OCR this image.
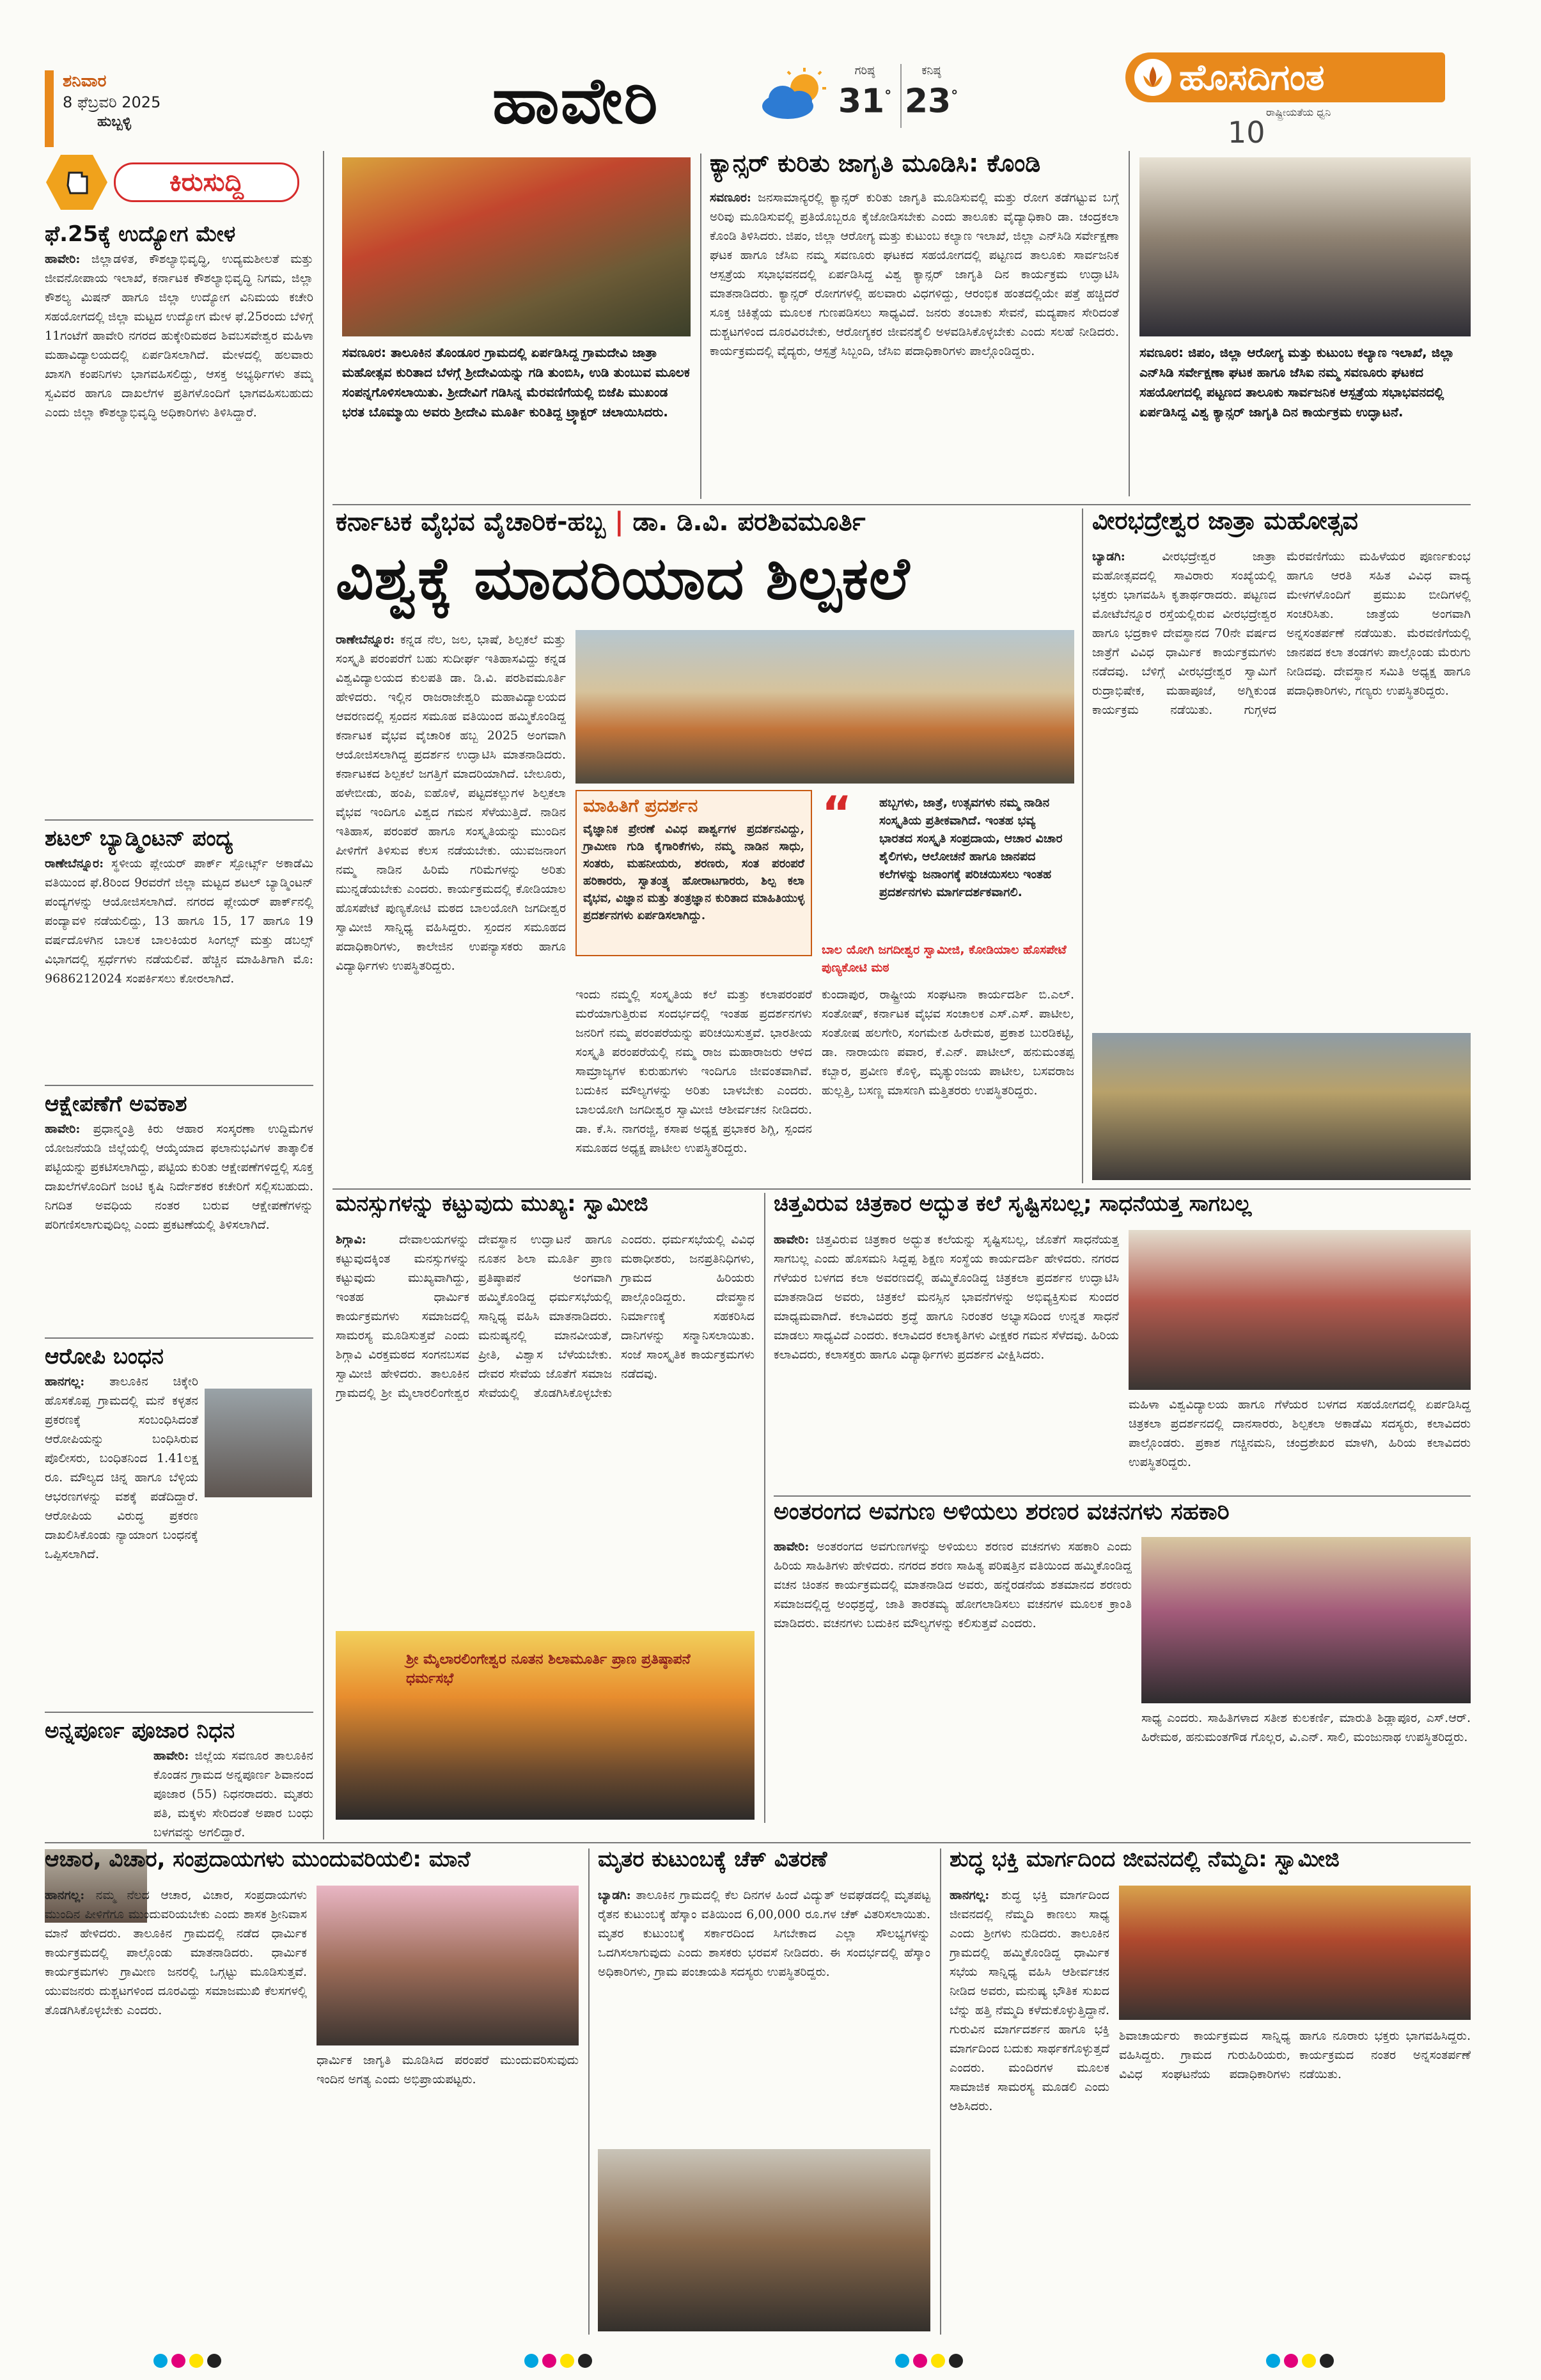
ಶನಿವಾರ
8 ಫೆಬ್ರವರಿ 2025
ಹುಬ್ಬಳ್ಳಿ	ಹಾವೇರಿ	ಗರಿಷ್ಠ
31°
ಕನಿಷ್ಠ
23°	ಹೊಸದಿಗಂತ
ರಾಷ್ಟ್ರೀಯತೆಯ ಧ್ವನಿ
10
ಕಿರುಸುದ್ದಿ
ಫೆ.25ಕ್ಕೆ ಉದ್ಯೋಗ ಮೇಳ
ಹಾವೇರಿ: ಜಿಲ್ಲಾಡಳಿತ, ಕೌಶಲ್ಯಾಭಿವೃದ್ಧಿ, ಉದ್ಯಮಶೀಲತೆ ಮತ್ತು ಜೀವನೋಪಾಯ ಇಲಾಖೆ, ಕರ್ನಾಟಕ ಕೌಶಲ್ಯಾಭಿವೃದ್ಧಿ ನಿಗಮ, ಜಿಲ್ಲಾ ಕೌಶಲ್ಯ ಮಿಷನ್ ಹಾಗೂ ಜಿಲ್ಲಾ ಉದ್ಯೋಗ ವಿನಿಮಯ ಕಚೇರಿ ಸಹಯೋಗದಲ್ಲಿ ಜಿಲ್ಲಾ ಮಟ್ಟದ ಉದ್ಯೋಗ ಮೇಳ ಫೆ.25ರಂದು ಬೆಳಿಗ್ಗೆ 11ಗಂಟೆಗೆ ಹಾವೇರಿ ನಗರದ ಹುಕ್ಕೇರಿಮಠದ ಶಿವಬಸವೇಶ್ವರ ಮಹಿಳಾ ಮಹಾವಿದ್ಯಾಲಯದಲ್ಲಿ ಏರ್ಪಡಿಸಲಾಗಿದೆ. ಮೇಳದಲ್ಲಿ ಹಲವಾರು ಖಾಸಗಿ ಕಂಪನಿಗಳು ಭಾಗವಹಿಸಲಿದ್ದು, ಆಸಕ್ತ ಅಭ್ಯರ್ಥಿಗಳು ತಮ್ಮ ಸ್ವವಿವರ ಹಾಗೂ ದಾಖಲೆಗಳ ಪ್ರತಿಗಳೊಂದಿಗೆ ಭಾಗವಹಿಸಬಹುದು ಎಂದು ಜಿಲ್ಲಾ ಕೌಶಲ್ಯಾಭಿವೃದ್ಧಿ ಅಧಿಕಾರಿಗಳು ತಿಳಿಸಿದ್ದಾರೆ.
ಶಟಲ್ ಬ್ಯಾಡ್ಮಿಂಟನ್ ಪಂದ್ಯ
ರಾಣೇಬೆನ್ನೂರ: ಸ್ಥಳೀಯ ಪ್ಲೇಯರ್ ಪಾರ್ಕ್ ಸ್ಪೋರ್ಟ್ಸ್ ಅಕಾಡೆಮಿ ವತಿಯಿಂದ ಫೆ.8ರಿಂದ 9ರವರೆಗೆ ಜಿಲ್ಲಾ ಮಟ್ಟದ ಶಟಲ್ ಬ್ಯಾಡ್ಮಿಂಟನ್ ಪಂದ್ಯಗಳನ್ನು ಆಯೋಜಿಸಲಾಗಿದೆ. ನಗರದ ಪ್ಲೇಯರ್ ಪಾರ್ಕ್‌ನಲ್ಲಿ ಪಂದ್ಯಾವಳಿ ನಡೆಯಲಿದ್ದು, 13 ಹಾಗೂ 15, 17 ಹಾಗೂ 19 ವರ್ಷದೊಳಗಿನ ಬಾಲಕ ಬಾಲಕಿಯರ ಸಿಂಗಲ್ಸ್ ಮತ್ತು ಡಬಲ್ಸ್ ವಿಭಾಗದಲ್ಲಿ ಸ್ಪರ್ಧೆಗಳು ನಡೆಯಲಿವೆ. ಹೆಚ್ಚಿನ ಮಾಹಿತಿಗಾಗಿ ಮೊ: 9686212024 ಸಂಪರ್ಕಿಸಲು ಕೋರಲಾಗಿದೆ.
ಆಕ್ಷೇಪಣೆಗೆ ಅವಕಾಶ
ಹಾವೇರಿ: ಪ್ರಧಾನ್ಮಂತ್ರಿ ಕಿರು ಆಹಾರ ಸಂಸ್ಕರಣಾ ಉದ್ದಿಮೆಗಳ ಯೋಜನೆಯಡಿ ಜಿಲ್ಲೆಯಲ್ಲಿ ಆಯ್ಕೆಯಾದ ಫಲಾನುಭವಿಗಳ ತಾತ್ಕಾಲಿಕ ಪಟ್ಟಿಯನ್ನು ಪ್ರಕಟಿಸಲಾಗಿದ್ದು, ಪಟ್ಟಿಯ ಕುರಿತು ಆಕ್ಷೇಪಣೆಗಳಿದ್ದಲ್ಲಿ ಸೂಕ್ತ ದಾಖಲೆಗಳೊಂದಿಗೆ ಜಂಟಿ ಕೃಷಿ ನಿರ್ದೇಶಕರ ಕಚೇರಿಗೆ ಸಲ್ಲಿಸಬಹುದು. ನಿಗದಿತ ಅವಧಿಯ ನಂತರ ಬರುವ ಆಕ್ಷೇಪಣೆಗಳನ್ನು ಪರಿಗಣಿಸಲಾಗುವುದಿಲ್ಲ ಎಂದು ಪ್ರಕಟಣೆಯಲ್ಲಿ ತಿಳಿಸಲಾಗಿದೆ.
ಆರೋಪಿ ಬಂಧನ
ಹಾನಗಲ್ಲ: ತಾಲೂಕಿನ ಚಿಕ್ಕೇರಿ ಹೊಸಕೊಪ್ಪ ಗ್ರಾಮದಲ್ಲಿ ಮನೆ ಕಳ್ಳತನ ಪ್ರಕರಣಕ್ಕೆ ಸಂಬಂಧಿಸಿದಂತೆ ಆರೋಪಿಯನ್ನು ಬಂಧಿಸಿರುವ ಪೊಲೀಸರು, ಬಂಧಿತನಿಂದ 1.41ಲಕ್ಷ ರೂ. ಮೌಲ್ಯದ ಚಿನ್ನ ಹಾಗೂ ಬೆಳ್ಳಿಯ ಆಭರಣಗಳನ್ನು ವಶಕ್ಕೆ ಪಡೆದಿದ್ದಾರೆ. ಆರೋಪಿಯ ವಿರುದ್ಧ ಪ್ರಕರಣ ದಾಖಲಿಸಿಕೊಂಡು ನ್ಯಾಯಾಂಗ ಬಂಧನಕ್ಕೆ ಒಪ್ಪಿಸಲಾಗಿದೆ.
ಅನ್ನಪೂರ್ಣ ಪೂಜಾರ ನಿಧನ
ಹಾವೇರಿ: ಜಿಲ್ಲೆಯ ಸವಣೂರ ತಾಲೂಕಿನ ಕೊಂಡನ ಗ್ರಾಮದ ಅನ್ನಪೂರ್ಣ ಶಿವಾನಂದ ಪೂಜಾರ (55) ನಿಧನರಾದರು. ಮೃತರು ಪತಿ, ಮಕ್ಕಳು ಸೇರಿದಂತೆ ಅಪಾರ ಬಂಧು ಬಳಗವನ್ನು ಅಗಲಿದ್ದಾರೆ.
ಸವಣೂರ: ತಾಲೂಕಿನ ತೊಂಡೂರ ಗ್ರಾಮದಲ್ಲಿ ಏರ್ಪಡಿಸಿದ್ದ ಗ್ರಾಮದೇವಿ ಜಾತ್ರಾ ಮಹೋತ್ಸವ ಕುರಿತಾದ ಬೆಳಗ್ಗೆ ಶ್ರೀದೇವಿಯನ್ನು ಗಡಿ ತುಂಬಿಸಿ, ಉಡಿ ತುಂಬುವ ಮೂಲಕ ಸಂಪನ್ನಗೊಳಿಸಲಾಯಿತು. ಶ್ರೀದೇವಿಗೆ ಗಡಿಸಿನ್ನ ಮೆರವಣಿಗೆಯಲ್ಲಿ ಬಿಜೆಪಿ ಮುಖಂಡ ಭರತ ಬೊಮ್ಮಾಯಿ ಅವರು ಶ್ರೀದೇವಿ ಮೂರ್ತಿ ಕುರಿತಿದ್ದ ಟ್ರ್ಯಾಕ್ಟರ್ ಚಲಾಯಿಸಿದರು.
ಕ್ಯಾನ್ಸರ್ ಕುರಿತು ಜಾಗೃತಿ ಮೂಡಿಸಿ: ಕೊಂಡಿ
ಸವಣೂರ: ಜನಸಾಮಾನ್ಯರಲ್ಲಿ ಕ್ಯಾನ್ಸರ್ ಕುರಿತು ಜಾಗೃತಿ ಮೂಡಿಸುವಲ್ಲಿ ಮತ್ತು ರೋಗ ತಡೆಗಟ್ಟುವ ಬಗ್ಗೆ ಅರಿವು ಮೂಡಿಸುವಲ್ಲಿ ಪ್ರತಿಯೊಬ್ಬರೂ ಕೈಜೋಡಿಸಬೇಕು ಎಂದು ತಾಲೂಕು ವೈದ್ಯಾಧಿಕಾರಿ ಡಾ. ಚಂದ್ರಕಲಾ ಕೊಂಡಿ ತಿಳಿಸಿದರು. ಜಿಪಂ, ಜಿಲ್ಲಾ ಆರೋಗ್ಯ ಮತ್ತು ಕುಟುಂಬ ಕಲ್ಯಾಣ ಇಲಾಖೆ, ಜಿಲ್ಲಾ ಎನ್‌ಸಿಡಿ ಸರ್ವೇಕ್ಷಣಾ ಘಟಕ ಹಾಗೂ ಜೆಸಿಐ ನಮ್ಮ ಸವಣೂರು ಘಟಕದ ಸಹಯೋಗದಲ್ಲಿ ಪಟ್ಟಣದ ತಾಲೂಕು ಸಾರ್ವಜನಿಕ ಆಸ್ಪತ್ರೆಯ ಸಭಾಭವನದಲ್ಲಿ ಏರ್ಪಡಿಸಿದ್ದ ವಿಶ್ವ ಕ್ಯಾನ್ಸರ್ ಜಾಗೃತಿ ದಿನ ಕಾರ್ಯಕ್ರಮ ಉದ್ಘಾಟಿಸಿ ಮಾತನಾಡಿದರು. ಕ್ಯಾನ್ಸರ್ ರೋಗಗಳಲ್ಲಿ ಹಲವಾರು ವಿಧಗಳಿದ್ದು, ಆರಂಭಿಕ ಹಂತದಲ್ಲಿಯೇ ಪತ್ತೆ ಹಚ್ಚಿದರೆ ಸೂಕ್ತ ಚಿಕಿತ್ಸೆಯ ಮೂಲಕ ಗುಣಪಡಿಸಲು ಸಾಧ್ಯವಿದೆ. ಜನರು ತಂಬಾಕು ಸೇವನೆ, ಮದ್ಯಪಾನ ಸೇರಿದಂತೆ ದುಶ್ಚಟಗಳಿಂದ ದೂರವಿರಬೇಕು, ಆರೋಗ್ಯಕರ ಜೀವನಶೈಲಿ ಅಳವಡಿಸಿಕೊಳ್ಳಬೇಕು ಎಂದು ಸಲಹೆ ನೀಡಿದರು. ಕಾರ್ಯಕ್ರಮದಲ್ಲಿ ವೈದ್ಯರು, ಆಸ್ಪತ್ರೆ ಸಿಬ್ಬಂದಿ, ಜೆಸಿಐ ಪದಾಧಿಕಾರಿಗಳು ಪಾಲ್ಗೊಂಡಿದ್ದರು.	ಸವಣೂರ: ಜಿಪಂ, ಜಿಲ್ಲಾ ಆರೋಗ್ಯ ಮತ್ತು ಕುಟುಂಬ ಕಲ್ಯಾಣ ಇಲಾಖೆ, ಜಿಲ್ಲಾ ಎನ್‌ಸಿಡಿ ಸರ್ವೇಕ್ಷಣಾ ಘಟಕ ಹಾಗೂ ಜೆಸಿಐ ನಮ್ಮ ಸವಣೂರು ಘಟಕದ ಸಹಯೋಗದಲ್ಲಿ ಪಟ್ಟಣದ ತಾಲೂಕು ಸಾರ್ವಜನಿಕ ಆಸ್ಪತ್ರೆಯ ಸಭಾಭವನದಲ್ಲಿ ಏರ್ಪಡಿಸಿದ್ದ ವಿಶ್ವ ಕ್ಯಾನ್ಸರ್ ಜಾಗೃತಿ ದಿನ ಕಾರ್ಯಕ್ರಮ ಉದ್ಘಾಟನೆ.
ಕರ್ನಾಟಕ ವೈಭವ ವೈಚಾರಿಕ-ಹಬ್ಬ | ಡಾ. ಡಿ.ವಿ. ಪರಶಿವಮೂರ್ತಿ
ವಿಶ್ವಕ್ಕೆ ಮಾದರಿಯಾದ ಶಿಲ್ಪಕಲೆ
ರಾಣೇಬೆನ್ನೂರ: ಕನ್ನಡ ನೆಲ, ಜಲ, ಭಾಷೆ, ಶಿಲ್ಪಕಲೆ ಮತ್ತು ಸಂಸ್ಕೃತಿ ಪರಂಪರೆಗೆ ಬಹು ಸುದೀರ್ಘ ಇತಿಹಾಸವಿದ್ದು ಕನ್ನಡ ವಿಶ್ವವಿದ್ಯಾಲಯದ ಕುಲಪತಿ ಡಾ. ಡಿ.ವಿ. ಪರಶಿವಮೂರ್ತಿ ಹೇಳಿದರು. ಇಲ್ಲಿನ ರಾಜರಾಜೇಶ್ವರಿ ಮಹಾವಿದ್ಯಾಲಯದ ಆವರಣದಲ್ಲಿ ಸ್ಪಂದನ ಸಮೂಹ ವತಿಯಿಂದ ಹಮ್ಮಿಕೊಂಡಿದ್ದ ಕರ್ನಾಟಕ ವೈಭವ ವೈಚಾರಿಕ ಹಬ್ಬ 2025 ಅಂಗವಾಗಿ ಆಯೋಜಿಸಲಾಗಿದ್ದ ಪ್ರದರ್ಶನ ಉದ್ಘಾಟಿಸಿ ಮಾತನಾಡಿದರು. ಕರ್ನಾಟಕದ ಶಿಲ್ಪಕಲೆ ಜಗತ್ತಿಗೆ ಮಾದರಿಯಾಗಿದೆ. ಬೇಲೂರು, ಹಳೇಬೀಡು, ಹಂಪಿ, ಐಹೊಳೆ, ಪಟ್ಟದಕಲ್ಲುಗಳ ಶಿಲ್ಪಕಲಾ ವೈಭವ ಇಂದಿಗೂ ವಿಶ್ವದ ಗಮನ ಸೆಳೆಯುತ್ತಿದೆ. ನಾಡಿನ ಇತಿಹಾಸ, ಪರಂಪರೆ ಹಾಗೂ ಸಂಸ್ಕೃತಿಯನ್ನು ಮುಂದಿನ ಪೀಳಿಗೆಗೆ ತಿಳಿಸುವ ಕೆಲಸ ನಡೆಯಬೇಕು. ಯುವಜನಾಂಗ ನಮ್ಮ ನಾಡಿನ ಹಿರಿಮೆ ಗರಿಮೆಗಳನ್ನು ಅರಿತು ಮುನ್ನಡೆಯಬೇಕು ಎಂದರು. ಕಾರ್ಯಕ್ರಮದಲ್ಲಿ ಕೋಡಿಯಾಲ ಹೊಸಪೇಟೆ ಪುಣ್ಯಕೋಟಿ ಮಠದ ಬಾಲಯೋಗಿ ಜಗದೀಶ್ವರ ಸ್ವಾಮೀಜಿ ಸಾನ್ನಿಧ್ಯ ವಹಿಸಿದ್ದರು. ಸ್ಪಂದನ ಸಮೂಹದ ಪದಾಧಿಕಾರಿಗಳು, ಕಾಲೇಜಿನ ಉಪನ್ಯಾಸಕರು ಹಾಗೂ ವಿದ್ಯಾರ್ಥಿಗಳು ಉಪಸ್ಥಿತರಿದ್ದರು.
ಮಾಹಿತಿಗೆ ಪ್ರದರ್ಶನ
ವೈಜ್ಞಾನಿಕ ಪ್ರೇರಣೆ ವಿವಿಧ ಪಾರ್ಶ್ವಗಳ ಪ್ರದರ್ಶನವಿದ್ದು, ಗ್ರಾಮೀಣ ಗುಡಿ ಕೈಗಾರಿಕೆಗಳು, ನಮ್ಮ ನಾಡಿನ ಸಾಧು, ಸಂತರು, ಮಹನೀಯರು, ಶರಣರು, ಸಂತ ಪರಂಪರೆ ಹರಿಕಾರರು, ಸ್ವಾತಂತ್ರ್ಯ ಹೋರಾಟಗಾರರು, ಶಿಲ್ಪ ಕಲಾ ವೈಭವ, ವಿಜ್ಞಾನ ಮತ್ತು ತಂತ್ರಜ್ಞಾನ ಕುರಿತಾದ ಮಾಹಿತಿಯುಳ್ಳ ಪ್ರದರ್ಶನಗಳು ಏರ್ಪಡಿಸಲಾಗಿದ್ದು.
“ ಹಬ್ಬಗಳು, ಜಾತ್ರೆ, ಉತ್ಸವಗಳು ನಮ್ಮ ನಾಡಿನ ಸಂಸ್ಕೃತಿಯ ಪ್ರತೀಕವಾಗಿದೆ. ಇಂತಹ ಭವ್ಯ ಭಾರತದ ಸಂಸ್ಕೃತಿ ಸಂಪ್ರದಾಯ, ಆಚಾರ ವಿಚಾರ ಶೈಲಿಗಳು, ಆಲೋಚನೆ ಹಾಗೂ ಜಾನಪದ ಕಲೆಗಳನ್ನು ಜನಾಂಗಕ್ಕೆ ಪರಿಚಯಿಸಲು ಇಂತಹ ಪ್ರದರ್ಶನಗಳು ಮಾರ್ಗದರ್ಶಕವಾಗಲಿ.
ಬಾಲ ಯೋಗಿ ಜಗದೀಶ್ವರ ಸ್ವಾಮೀಜಿ, ಕೋಡಿಯಾಲ ಹೊಸಪೇಟೆ ಪುಣ್ಯಕೋಟಿ ಮಠ
ಇಂದು ನಮ್ಮಲ್ಲಿ ಸಂಸ್ಕೃತಿಯ ಕಲೆ ಮತ್ತು ಕಲಾಪರಂಪರೆ ಮರೆಯಾಗುತ್ತಿರುವ ಸಂದರ್ಭದಲ್ಲಿ ಇಂತಹ ಪ್ರದರ್ಶನಗಳು ಜನರಿಗೆ ನಮ್ಮ ಪರಂಪರೆಯನ್ನು ಪರಿಚಯಿಸುತ್ತವೆ. ಭಾರತೀಯ ಸಂಸ್ಕೃತಿ ಪರಂಪರೆಯಲ್ಲಿ ನಮ್ಮ ರಾಜ ಮಹಾರಾಜರು ಆಳಿದ ಸಾಮ್ರಾಜ್ಯಗಳ ಕುರುಹುಗಳು ಇಂದಿಗೂ ಜೀವಂತವಾಗಿವೆ. ಬದುಕಿನ ಮೌಲ್ಯಗಳನ್ನು ಅರಿತು ಬಾಳಬೇಕು ಎಂದರು. ಬಾಲಯೋಗಿ ಜಗದೀಶ್ವರ ಸ್ವಾಮೀಜಿ ಆಶೀರ್ವಚನ ನೀಡಿದರು. ಡಾ. ಕೆ.ಸಿ. ನಾಗರಜ್ಜಿ, ಕಸಾಪ ಅಧ್ಯಕ್ಷ ಪ್ರಭಾಕರ ಶಿಗ್ಲಿ, ಸ್ಪಂದನ ಸಮೂಹದ ಅಧ್ಯಕ್ಷ ಪಾಟೀಲ ಉಪಸ್ಥಿತರಿದ್ದರು.
ಕುಂದಾಪುರ, ರಾಷ್ಟ್ರೀಯ ಸಂಘಟನಾ ಕಾರ್ಯದರ್ಶಿ ಬಿ.ಎಲ್. ಸಂತೋಷ್, ಕರ್ನಾಟಕ ವೈಭವ ಸಂಚಾಲಕ ಎಸ್.ಎಸ್. ಪಾಟೀಲ, ಸಂತೋಷ ಹಲಗೇರಿ, ಸಂಗಮೇಶ ಹಿರೇಮಠ, ಪ್ರಕಾಶ ಬುರಡಿಕಟ್ಟಿ, ಡಾ. ನಾರಾಯಣ ಪವಾರ, ಕೆ.ಎನ್. ಪಾಟೀಲ್, ಹನುಮಂತಪ್ಪ ಕಬ್ಬಾರ, ಪ್ರವೀಣ ಕೊಳ್ಳಿ, ಮೃತ್ಯುಂಜಯ ಪಾಟೀಲ, ಬಸವರಾಜ ಹುಲ್ಲತ್ತಿ, ಬಸಣ್ಣ ಮಾಸಣಗಿ ಮತ್ತಿತರರು ಉಪಸ್ಥಿತರಿದ್ದರು.
ವೀರಭದ್ರೇಶ್ವರ ಜಾತ್ರಾ ಮಹೋತ್ಸವ
ಬ್ಯಾಡಗಿ:	ವೀರಭದ್ರೇಶ್ವರ ಜಾತ್ರಾ ಮಹೋತ್ಸವದಲ್ಲಿ ಸಾವಿರಾರು ಸಂಖ್ಯೆಯಲ್ಲಿ ಭಕ್ತರು ಭಾಗವಹಿಸಿ ಕೃತಾರ್ಥರಾದರು. ಪಟ್ಟಣದ ಮೋಟೆಬೆನ್ನೂರ ರಸ್ತೆಯಲ್ಲಿರುವ ವೀರಭದ್ರೇಶ್ವರ ಹಾಗೂ ಭದ್ರಕಾಳಿ ದೇವಸ್ಥಾನದ 70ನೇ ವರ್ಷದ ಜಾತ್ರೆಗೆ ವಿವಿಧ ಧಾರ್ಮಿಕ ಕಾರ್ಯಕ್ರಮಗಳು ನಡೆದವು. ಬೆಳಿಗ್ಗೆ ವೀರಭದ್ರೇಶ್ವರ ಸ್ವಾಮಿಗೆ ರುದ್ರಾಭಿಷೇಕ, ಮಹಾಪೂಜೆ, ಅಗ್ನಿಕುಂಡ ಕಾರ್ಯಕ್ರಮ ನಡೆಯಿತು. ಗುಗ್ಗಳದ ಮೆರವಣಿಗೆಯು ಮಹಿಳೆಯರ ಪೂರ್ಣಕುಂಭ ಹಾಗೂ ಆರತಿ ಸಹಿತ ವಿವಿಧ ವಾದ್ಯ ಮೇಳಗಳೊಂದಿಗೆ ಪ್ರಮುಖ ಬೀದಿಗಳಲ್ಲಿ ಸಂಚರಿಸಿತು. ಜಾತ್ರೆಯ ಅಂಗವಾಗಿ ಅನ್ನಸಂತರ್ಪಣೆ ನಡೆಯಿತು. ಮೆರವಣಿಗೆಯಲ್ಲಿ ಜಾನಪದ ಕಲಾ ತಂಡಗಳು ಪಾಲ್ಗೊಂಡು ಮೆರುಗು ನೀಡಿದವು. ದೇವಸ್ಥಾನ ಸಮಿತಿ ಅಧ್ಯಕ್ಷ ಹಾಗೂ ಪದಾಧಿಕಾರಿಗಳು, ಗಣ್ಯರು ಉಪಸ್ಥಿತರಿದ್ದರು.
ಮನಸ್ಸುಗಳನ್ನು ಕಟ್ಟುವುದು ಮುಖ್ಯ: ಸ್ವಾಮೀಜಿ
ಶಿಗ್ಗಾವಿ:	ದೇವಾಲಯಗಳನ್ನು ಕಟ್ಟುವುದಕ್ಕಿಂತ ಮನಸ್ಸುಗಳನ್ನು ಕಟ್ಟುವುದು ಮುಖ್ಯವಾಗಿದ್ದು, ಇಂತಹ ಧಾರ್ಮಿಕ ಕಾರ್ಯಕ್ರಮಗಳು ಸಮಾಜದಲ್ಲಿ ಸಾಮರಸ್ಯ ಮೂಡಿಸುತ್ತವೆ ಎಂದು ಶಿಗ್ಗಾವಿ ವಿರಕ್ತಮಠದ ಸಂಗನಬಸವ ಸ್ವಾಮೀಜಿ ಹೇಳಿದರು. ತಾಲೂಕಿನ ಗ್ರಾಮದಲ್ಲಿ ಶ್ರೀ ಮೈಲಾರಲಿಂಗೇಶ್ವರ ದೇವಸ್ಥಾನ ಉದ್ಘಾಟನೆ ಹಾಗೂ ನೂತನ ಶಿಲಾ ಮೂರ್ತಿ ಪ್ರಾಣ ಪ್ರತಿಷ್ಠಾಪನೆ ಅಂಗವಾಗಿ ಹಮ್ಮಿಕೊಂಡಿದ್ದ ಧರ್ಮಸಭೆಯಲ್ಲಿ ಸಾನ್ನಿಧ್ಯ ವಹಿಸಿ ಮಾತನಾಡಿದರು. ಮನುಷ್ಯನಲ್ಲಿ ಮಾನವೀಯತೆ, ಪ್ರೀತಿ, ವಿಶ್ವಾಸ ಬೆಳೆಯಬೇಕು. ದೇವರ ಸೇವೆಯ ಜೊತೆಗೆ ಸಮಾಜ ಸೇವೆಯಲ್ಲಿ ತೊಡಗಿಸಿಕೊಳ್ಳಬೇಕು ಎಂದರು. ಧರ್ಮಸಭೆಯಲ್ಲಿ ವಿವಿಧ ಮಠಾಧೀಶರು, ಜನಪ್ರತಿನಿಧಿಗಳು, ಗ್ರಾಮದ ಹಿರಿಯರು ಪಾಲ್ಗೊಂಡಿದ್ದರು. ದೇವಸ್ಥಾನ ನಿರ್ಮಾಣಕ್ಕೆ ಸಹಕರಿಸಿದ ದಾನಿಗಳನ್ನು ಸನ್ಮಾನಿಸಲಾಯಿತು. ಸಂಜೆ ಸಾಂಸ್ಕೃತಿಕ ಕಾರ್ಯಕ್ರಮಗಳು ನಡೆದವು.
ಶ್ರೀ ಮೈಲಾರಲಿಂಗೇಶ್ವರ ನೂತನ ಶಿಲಾಮೂರ್ತಿ ಪ್ರಾಣ ಪ್ರತಿಷ್ಠಾಪನೆ ಧರ್ಮಸಭೆ
ಚಿತ್ತವಿರುವ ಚಿತ್ರಕಾರ ಅದ್ಭುತ ಕಲೆ ಸೃಷ್ಟಿಸಬಲ್ಲ; ಸಾಧನೆಯತ್ತ ಸಾಗಬಲ್ಲ
ಹಾವೇರಿ: ಚಿತ್ತವಿರುವ ಚಿತ್ರಕಾರ ಅದ್ಭುತ ಕಲೆಯನ್ನು ಸೃಷ್ಟಿಸಬಲ್ಲ, ಜೊತೆಗೆ ಸಾಧನೆಯತ್ತ ಸಾಗಬಲ್ಲ ಎಂದು ಹೊಸಮನಿ ಸಿದ್ದಪ್ಪ ಶಿಕ್ಷಣ ಸಂಸ್ಥೆಯ ಕಾರ್ಯದರ್ಶಿ ಹೇಳಿದರು. ನಗರದ ಗೆಳೆಯರ ಬಳಗದ ಕಲಾ ಅವರಣದಲ್ಲಿ ಹಮ್ಮಿಕೊಂಡಿದ್ದ ಚಿತ್ರಕಲಾ ಪ್ರದರ್ಶನ ಉದ್ಘಾಟಿಸಿ ಮಾತನಾಡಿದ ಅವರು, ಚಿತ್ರಕಲೆ ಮನಸ್ಸಿನ ಭಾವನೆಗಳನ್ನು ಅಭಿವ್ಯಕ್ತಿಸುವ ಸುಂದರ ಮಾಧ್ಯಮವಾಗಿದೆ. ಕಲಾವಿದರು ಶ್ರದ್ಧೆ ಹಾಗೂ ನಿರಂತರ ಅಭ್ಯಾಸದಿಂದ ಉನ್ನತ ಸಾಧನೆ ಮಾಡಲು ಸಾಧ್ಯವಿದೆ ಎಂದರು. ಕಲಾವಿದರ ಕಲಾಕೃತಿಗಳು ವೀಕ್ಷಕರ ಗಮನ ಸೆಳೆದವು. ಹಿರಿಯ ಕಲಾವಿದರು, ಕಲಾಸಕ್ತರು ಹಾಗೂ ವಿದ್ಯಾರ್ಥಿಗಳು ಪ್ರದರ್ಶನ ವೀಕ್ಷಿಸಿದರು.
ಮಹಿಳಾ ವಿಶ್ವವಿದ್ಯಾಲಯ ಹಾಗೂ ಗೆಳೆಯರ ಬಳಗದ ಸಹಯೋಗದಲ್ಲಿ ಏರ್ಪಡಿಸಿದ್ದ ಚಿತ್ರಕಲಾ ಪ್ರದರ್ಶನದಲ್ಲಿ ದಾನಸಾರರು, ಶಿಲ್ಪಕಲಾ ಅಕಾಡೆಮಿ ಸದಸ್ಯರು, ಕಲಾವಿದರು ಪಾಲ್ಗೊಂಡರು. ಪ್ರಕಾಶ ಗಚ್ಚಿನಮನಿ, ಚಂದ್ರಶೇಖರ ಮಾಳಗಿ, ಹಿರಿಯ ಕಲಾವಿದರು ಉಪಸ್ಥಿತರಿದ್ದರು.
ಅಂತರಂಗದ ಅವಗುಣ ಅಳಿಯಲು ಶರಣರ ವಚನಗಳು ಸಹಕಾರಿ
ಹಾವೇರಿ: ಅಂತರಂಗದ ಅವಗುಣಗಳನ್ನು ಅಳಿಯಲು ಶರಣರ ವಚನಗಳು ಸಹಕಾರಿ ಎಂದು ಹಿರಿಯ ಸಾಹಿತಿಗಳು ಹೇಳಿದರು. ನಗರದ ಶರಣ ಸಾಹಿತ್ಯ ಪರಿಷತ್ತಿನ ವತಿಯಿಂದ ಹಮ್ಮಿಕೊಂಡಿದ್ದ ವಚನ ಚಿಂತನ ಕಾರ್ಯಕ್ರಮದಲ್ಲಿ ಮಾತನಾಡಿದ ಅವರು, ಹನ್ನೆರಡನೆಯ ಶತಮಾನದ ಶರಣರು ಸಮಾಜದಲ್ಲಿದ್ದ ಅಂಧಶ್ರದ್ಧೆ, ಜಾತಿ ತಾರತಮ್ಯ ಹೋಗಲಾಡಿಸಲು ವಚನಗಳ ಮೂಲಕ ಕ್ರಾಂತಿ ಮಾಡಿದರು. ವಚನಗಳು ಬದುಕಿನ ಮೌಲ್ಯಗಳನ್ನು ಕಲಿಸುತ್ತವೆ ಎಂದರು.
ಸಾಧ್ಯ ಎಂದರು. ಸಾಹಿತಿಗಳಾದ ಸತೀಶ ಕುಲಕರ್ಣಿ, ಮಾರುತಿ ಶಿಡ್ಲಾಪೂರ, ಎಸ್.ಆರ್. ಹಿರೇಮಠ, ಹನುಮಂತಗೌಡ ಗೊಲ್ಲರ, ವಿ.ಎನ್. ಸಾಲಿ, ಮಂಜುನಾಥ ಉಪಸ್ಥಿತರಿದ್ದರು.
ಆಚಾರ, ವಿಚಾರ, ಸಂಪ್ರದಾಯಗಳು ಮುಂದುವರಿಯಲಿ: ಮಾನೆ
ಹಾನಗಲ್ಲ: ನಮ್ಮ ನೆಲದ ಆಚಾರ, ವಿಚಾರ, ಸಂಪ್ರದಾಯಗಳು ಮುಂದಿನ ಪೀಳಿಗೆಗೂ ಮುಂದುವರಿಯಬೇಕು ಎಂದು ಶಾಸಕ ಶ್ರೀನಿವಾಸ ಮಾನೆ ಹೇಳಿದರು. ತಾಲೂಕಿನ ಗ್ರಾಮದಲ್ಲಿ ನಡೆದ ಧಾರ್ಮಿಕ ಕಾರ್ಯಕ್ರಮದಲ್ಲಿ ಪಾಲ್ಗೊಂಡು ಮಾತನಾಡಿದರು. ಧಾರ್ಮಿಕ ಕಾರ್ಯಕ್ರಮಗಳು ಗ್ರಾಮೀಣ ಜನರಲ್ಲಿ ಒಗ್ಗಟ್ಟು ಮೂಡಿಸುತ್ತವೆ. ಯುವಜನರು ದುಶ್ಚಟಗಳಿಂದ ದೂರವಿದ್ದು ಸಮಾಜಮುಖಿ ಕೆಲಸಗಳಲ್ಲಿ ತೊಡಗಿಸಿಕೊಳ್ಳಬೇಕು ಎಂದರು.
ಧಾರ್ಮಿಕ ಜಾಗೃತಿ ಮೂಡಿಸಿದ ಪರಂಪರೆ ಮುಂದುವರಿಸುವುದು ಇಂದಿನ ಅಗತ್ಯ ಎಂದು ಅಭಿಪ್ರಾಯಪಟ್ಟರು.
ಮೃತರ ಕುಟುಂಬಕ್ಕೆ ಚೆಕ್ ವಿತರಣೆ
ಬ್ಯಾಡಗಿ: ತಾಲೂಕಿನ ಗ್ರಾಮದಲ್ಲಿ ಕೆಲ ದಿನಗಳ ಹಿಂದೆ ವಿದ್ಯುತ್ ಅವಘಡದಲ್ಲಿ ಮೃತಪಟ್ಟ ರೈತನ ಕುಟುಂಬಕ್ಕೆ ಹೆಸ್ಕಾಂ ವತಿಯಿಂದ 6,00,000 ರೂ.ಗಳ ಚೆಕ್ ವಿತರಿಸಲಾಯಿತು. ಮೃತರ ಕುಟುಂಬಕ್ಕೆ ಸರ್ಕಾರದಿಂದ ಸಿಗಬೇಕಾದ ಎಲ್ಲಾ ಸೌಲಭ್ಯಗಳನ್ನು ಒದಗಿಸಲಾಗುವುದು ಎಂದು ಶಾಸಕರು ಭರವಸೆ ನೀಡಿದರು. ಈ ಸಂದರ್ಭದಲ್ಲಿ ಹೆಸ್ಕಾಂ ಅಧಿಕಾರಿಗಳು, ಗ್ರಾಮ ಪಂಚಾಯತಿ ಸದಸ್ಯರು ಉಪಸ್ಥಿತರಿದ್ದರು.
ಶುದ್ಧ ಭಕ್ತಿ ಮಾರ್ಗದಿಂದ ಜೀವನದಲ್ಲಿ ನೆಮ್ಮದಿ: ಸ್ವಾಮೀಜಿ
ಹಾನಗಲ್ಲ: ಶುದ್ಧ ಭಕ್ತಿ ಮಾರ್ಗದಿಂದ ಜೀವನದಲ್ಲಿ ನೆಮ್ಮದಿ ಕಾಣಲು ಸಾಧ್ಯ ಎಂದು ಶ್ರೀಗಳು ನುಡಿದರು. ತಾಲೂಕಿನ ಗ್ರಾಮದಲ್ಲಿ ಹಮ್ಮಿಕೊಂಡಿದ್ದ ಧಾರ್ಮಿಕ ಸಭೆಯ ಸಾನ್ನಿಧ್ಯ ವಹಿಸಿ ಆಶೀರ್ವಚನ ನೀಡಿದ ಅವರು, ಮನುಷ್ಯ ಭೌತಿಕ ಸುಖದ ಬೆನ್ನು ಹತ್ತಿ ನೆಮ್ಮದಿ ಕಳೆದುಕೊಳ್ಳುತ್ತಿದ್ದಾನೆ. ಗುರುವಿನ ಮಾರ್ಗದರ್ಶನ ಹಾಗೂ ಭಕ್ತಿ ಮಾರ್ಗದಿಂದ ಬದುಕು ಸಾರ್ಥಕಗೊಳ್ಳುತ್ತದೆ ಎಂದರು. ಮಂದಿರಗಳ ಮೂಲಕ ಸಾಮಾಜಿಕ ಸಾಮರಸ್ಯ ಮೂಡಲಿ ಎಂದು ಆಶಿಸಿದರು.
ಶಿವಾಚಾರ್ಯರು ಕಾರ್ಯಕ್ರಮದ ಸಾನ್ನಿಧ್ಯ ವಹಿಸಿದ್ದರು. ಗ್ರಾಮದ ಗುರುಹಿರಿಯರು, ವಿವಿಧ ಸಂಘಟನೆಯ ಪದಾಧಿಕಾರಿಗಳು ಹಾಗೂ ನೂರಾರು ಭಕ್ತರು ಭಾಗವಹಿಸಿದ್ದರು. ಕಾರ್ಯಕ್ರಮದ ನಂತರ ಅನ್ನಸಂತರ್ಪಣೆ ನಡೆಯಿತು.
